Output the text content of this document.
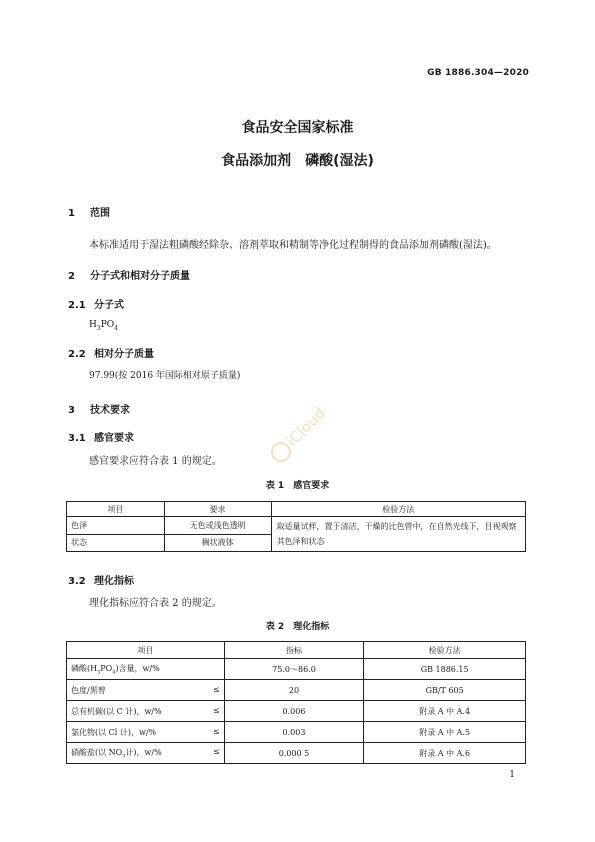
GB 1886.304—2020
食品安全国家标准
食品添加剂　磷酸(湿法)
1 范围
本标准适用于湿法粗磷酸经除杂、溶剂萃取和精制等净化过程制得的食品添加剂磷酸(湿法)。
2 分子式和相对分子质量
2.1 分子式
$H_3PO_4$
2.2 相对分子质量
97.99(按 2016 年国际相对原子质量)
3 技术要求
3.1 感官要求
感官要求应符合表 1 的规定。
表 1　感官要求
项目	要求	检验方法
色泽	无色或浅色透明	取适量试样，置于清洁、干燥的比色管中，在自然光线下，目视观察其色泽和状态
状态	稠状液体	
3.2 理化指标
理化指标应符合表 2 的规定。
表 2　理化指标
项目	指标	检验方法
磷酸$(H_3PO_4)$含量，w/%	75.0～86.0	GB 1886.15
色度/黑曾 ≤	20	GB/T 605
总有机碳(以 C 计)，w/% ≤	0.006	附录 A 中 A.4
氯化物(以 Cl 计)，w/% ≤	0.003	附录 A 中 A.5
硝酸盐(以 $NO_3$计)，w/% ≤	0.000 5	附录 A 中 A.6
1
iCloud
